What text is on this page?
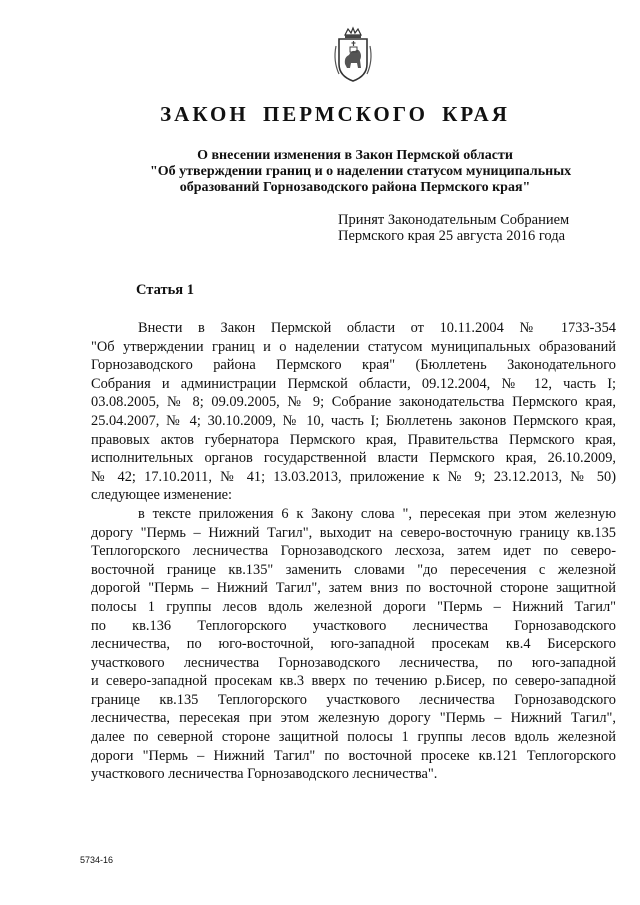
ЗАКОН ПЕРМСКОГО КРАЯ
О внесении изменения в Закон Пермской области
"Об утверждении границ и о наделении статусом муниципальных
образований Горнозаводского района Пермского края"
Принят Законодательным Собранием
Пермского края 25 августа 2016 года
Статья 1
Внести в Закон Пермской области от 10.11.2004 № 1733-354
"Об утверждении границ и о наделении статусом муниципальных образований
Горнозаводского района Пермского края" (Бюллетень Законодательного
Собрания и администрации Пермской области, 09.12.2004, № 12, часть I;
03.08.2005, № 8; 09.09.2005, № 9; Собрание законодательства Пермского края,
25.04.2007, № 4; 30.10.2009, № 10, часть I; Бюллетень законов Пермского края,
правовых актов губернатора Пермского края, Правительства Пермского края,
исполнительных органов государственной власти Пермского края, 26.10.2009,
№ 42; 17.10.2011, № 41; 13.03.2013, приложение к № 9; 23.12.2013, № 50)
следующее изменение:
в тексте приложения 6 к Закону слова ", пересекая при этом железную
дорогу "Пермь – Нижний Тагил", выходит на северо-восточную границу кв.135
Теплогорского лесничества Горнозаводского лесхоза, затем идет по северо-
восточной границе кв.135" заменить словами "до пересечения с железной
дорогой "Пермь – Нижний Тагил", затем вниз по восточной стороне защитной
полосы 1 группы лесов вдоль железной дороги "Пермь – Нижний Тагил"
по кв.136 Теплогорского участкового лесничества Горнозаводского
лесничества, по юго-восточной, юго-западной просекам кв.4 Бисерского
участкового лесничества Горнозаводского лесничества, по юго-западной
и северо-западной просекам кв.3 вверх по течению р.Бисер, по северо-западной
границе кв.135 Теплогорского участкового лесничества Горнозаводского
лесничества, пересекая при этом железную дорогу "Пермь – Нижний Тагил",
далее по северной стороне защитной полосы 1 группы лесов вдоль железной
дороги "Пермь – Нижний Тагил" по восточной просеке кв.121 Теплогорского
участкового лесничества Горнозаводского лесничества".
5734-16
